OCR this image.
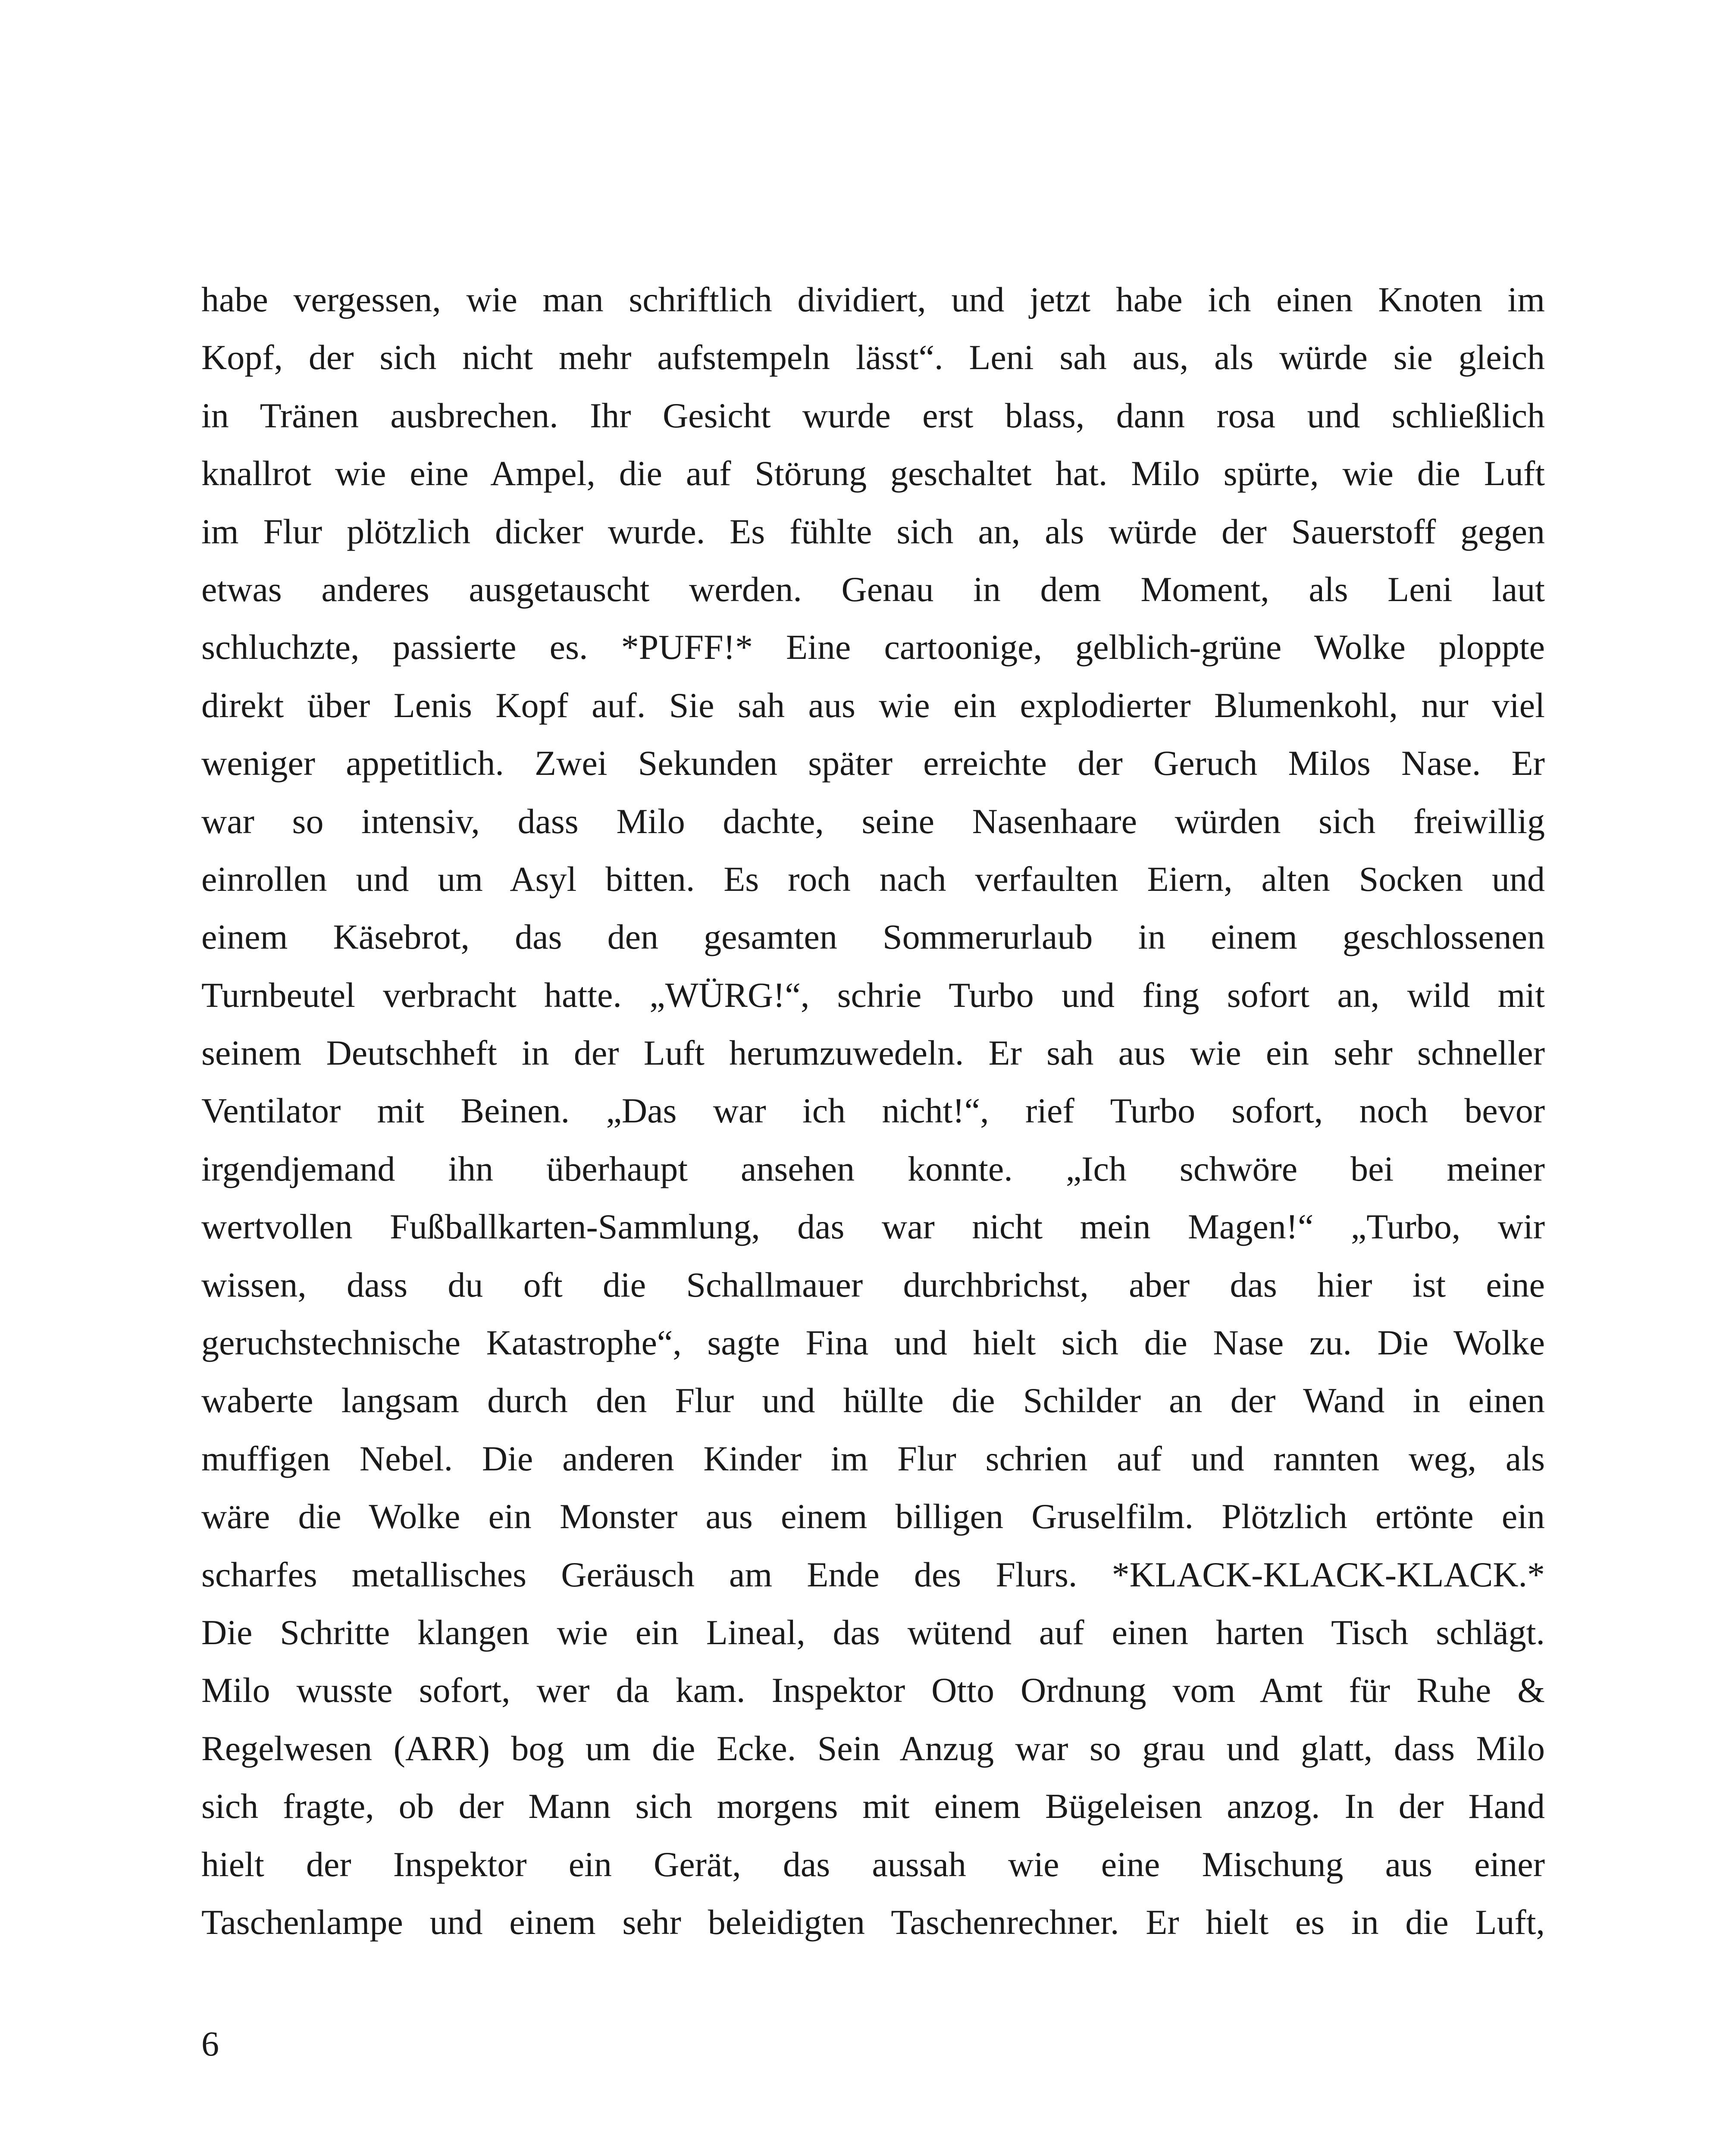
habe vergessen, wie man schriftlich dividiert, und jetzt habe ich einen Knoten im
Kopf, der sich nicht mehr aufstempeln lässt“. Leni sah aus, als würde sie gleich
in Tränen ausbrechen. Ihr Gesicht wurde erst blass, dann rosa und schließlich
knallrot wie eine Ampel, die auf Störung geschaltet hat. Milo spürte, wie die Luft
im Flur plötzlich dicker wurde. Es fühlte sich an, als würde der Sauerstoff gegen
etwas anderes ausgetauscht werden. Genau in dem Moment, als Leni laut
schluchzte, passierte es. *PUFF!* Eine cartoonige, gelblich-grüne Wolke ploppte
direkt über Lenis Kopf auf. Sie sah aus wie ein explodierter Blumenkohl, nur viel
weniger appetitlich. Zwei Sekunden später erreichte der Geruch Milos Nase. Er
war so intensiv, dass Milo dachte, seine Nasenhaare würden sich freiwillig
einrollen und um Asyl bitten. Es roch nach verfaulten Eiern, alten Socken und
einem Käsebrot, das den gesamten Sommerurlaub in einem geschlossenen
Turnbeutel verbracht hatte. „WÜRG!“, schrie Turbo und fing sofort an, wild mit
seinem Deutschheft in der Luft herumzuwedeln. Er sah aus wie ein sehr schneller
Ventilator mit Beinen. „Das war ich nicht!“, rief Turbo sofort, noch bevor
irgendjemand ihn überhaupt ansehen konnte. „Ich schwöre bei meiner
wertvollen Fußballkarten-Sammlung, das war nicht mein Magen!“ „Turbo, wir
wissen, dass du oft die Schallmauer durchbrichst, aber das hier ist eine
geruchstechnische Katastrophe“, sagte Fina und hielt sich die Nase zu. Die Wolke
waberte langsam durch den Flur und hüllte die Schilder an der Wand in einen
muffigen Nebel. Die anderen Kinder im Flur schrien auf und rannten weg, als
wäre die Wolke ein Monster aus einem billigen Gruselfilm. Plötzlich ertönte ein
scharfes metallisches Geräusch am Ende des Flurs. *KLACK-KLACK-KLACK.*
Die Schritte klangen wie ein Lineal, das wütend auf einen harten Tisch schlägt.
Milo wusste sofort, wer da kam. Inspektor Otto Ordnung vom Amt für Ruhe &
Regelwesen (ARR) bog um die Ecke. Sein Anzug war so grau und glatt, dass Milo
sich fragte, ob der Mann sich morgens mit einem Bügeleisen anzog. In der Hand
hielt der Inspektor ein Gerät, das aussah wie eine Mischung aus einer
Taschenlampe und einem sehr beleidigten Taschenrechner. Er hielt es in die Luft,
6
